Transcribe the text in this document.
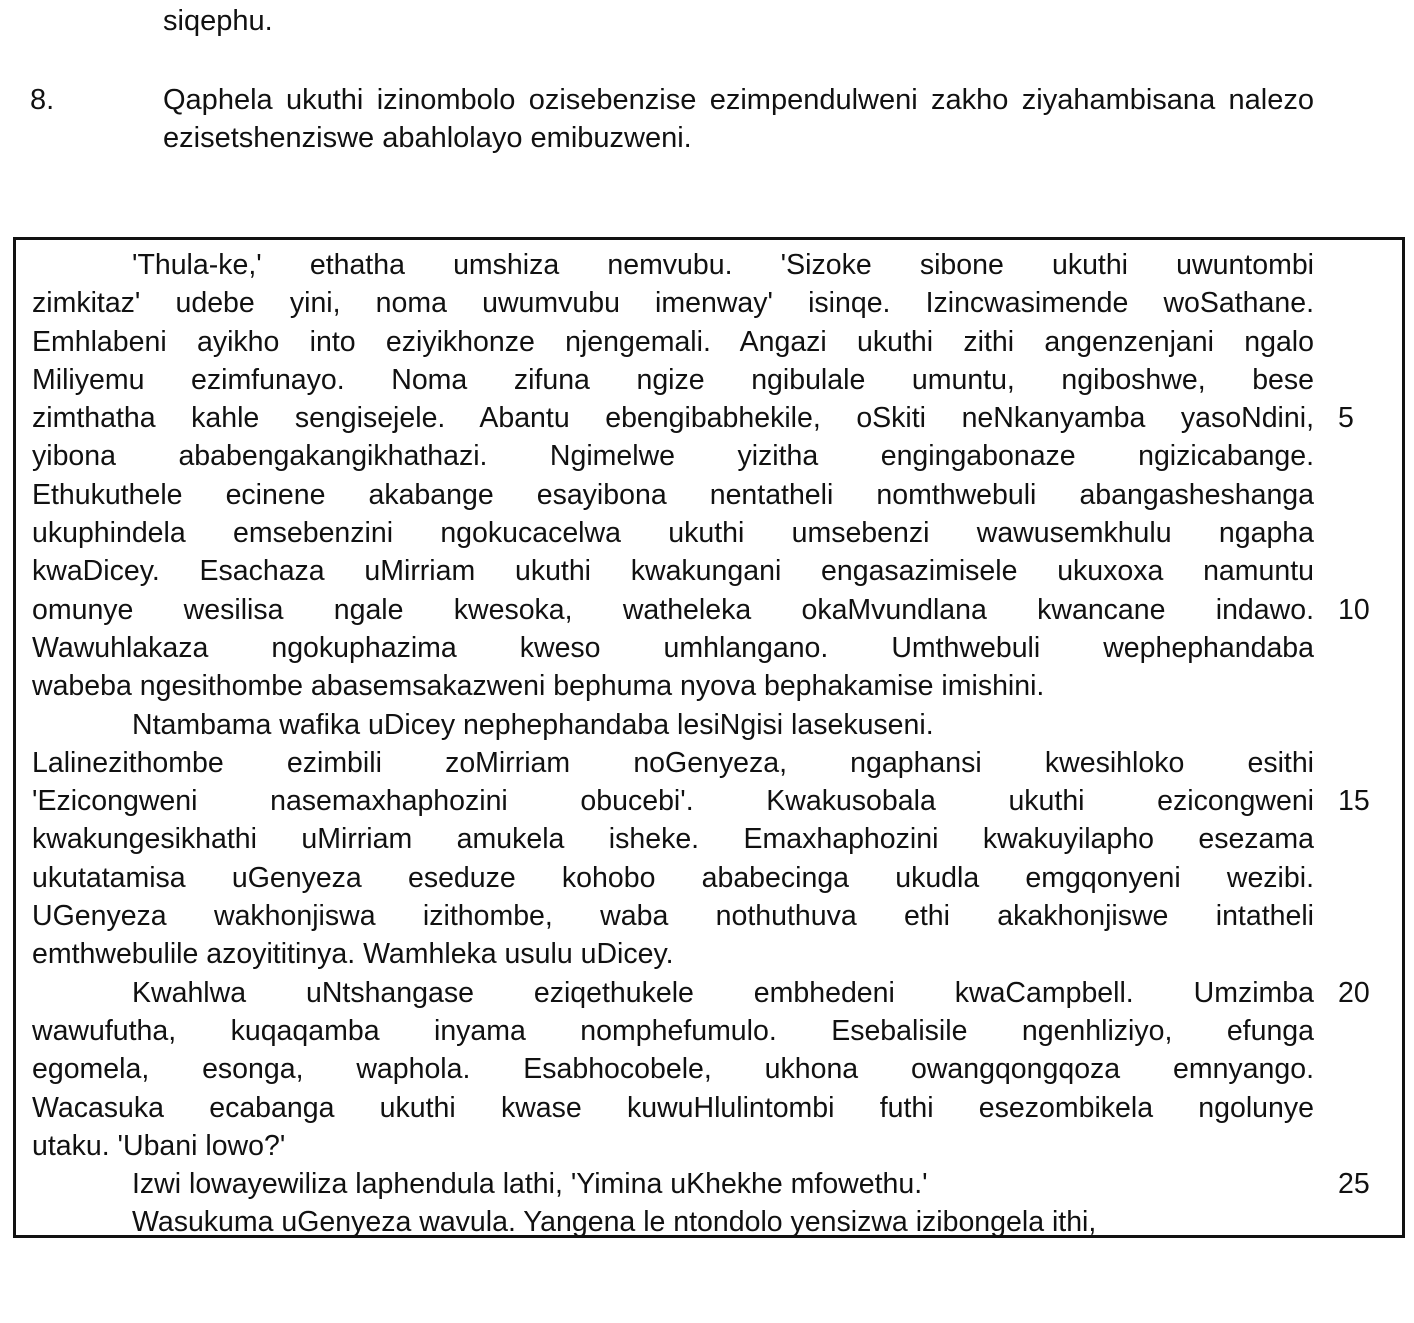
siqephu.
8.	Qaphela ukuthi izinombolo ozisebenzise ezimpendulweni zakho ziyahambisana nalezo ezisetshenziswe abahlolayo emibuzweni.
'Thula-ke,' ethatha umshiza nemvubu. 'Sizoke sibone ukuthi uwuntombi
zimkitaz' udebe yini, noma uwumvubu imenway' isinqe. Izincwasimende woSathane.
Emhlabeni ayikho into eziyikhonze njengemali. Angazi ukuthi zithi angenzenjani ngalo
Miliyemu ezimfunayo. Noma zifuna ngize ngibulale umuntu, ngiboshwe, bese
zimthatha kahle sengisejele. Abantu ebengibabhekile, oSkiti neNkanyamba yasoNdini,
yibona ababengakangikhathazi. Ngimelwe yizitha engingabonaze ngizicabange.
Ethukuthele ecinene akabange esayibona nentatheli nomthwebuli abangasheshanga
ukuphindela emsebenzini ngokucacelwa ukuthi umsebenzi wawusemkhulu ngapha
kwaDicey. Esachaza uMirriam ukuthi kwakungani engasazimisele ukuxoxa namuntu
omunye wesilisa ngale kwesoka, watheleka okaMvundlana kwancane indawo.
Wawuhlakaza ngokuphazima kweso umhlangano. Umthwebuli wephephandaba
wabeba ngesithombe abasemsakazweni bephuma nyova bephakamise imishini.
Ntambama wafika uDicey nephephandaba lesiNgisi lasekuseni.
Lalinezithombe ezimbili zoMirriam noGenyeza, ngaphansi kwesihloko esithi
'Ezicongweni nasemaxhaphozini obucebi'. Kwakusobala ukuthi ezicongweni
kwakungesikhathi uMirriam amukela isheke. Emaxhaphozini kwakuyilapho esezama
ukutatamisa uGenyeza eseduze kohobo ababecinga ukudla emgqonyeni wezibi.
UGenyeza wakhonjiswa izithombe, waba nothuthuva ethi akakhonjiswe intatheli
emthwebulile azoyititinya. Wamhleka usulu uDicey.
Kwahlwa uNtshangase eziqethukele embhedeni kwaCampbell. Umzimba
wawufutha, kuqaqamba inyama nomphefumulo. Esebalisile ngenhliziyo, efunga
egomela, esonga, waphola. Esabhocobele, ukhona owangqongqoza emnyango.
Wacasuka ecabanga ukuthi kwase kuwuHlulintombi futhi esezombikela ngolunye
utaku. 'Ubani lowo?'
Izwi lowayewiliza laphendula lathi, 'Yimina uKhekhe mfowethu.'
Wasukuma uGenyeza wavula. Yangena le ntondolo yensizwa izibongela ithi,
5
10
15
20
25
